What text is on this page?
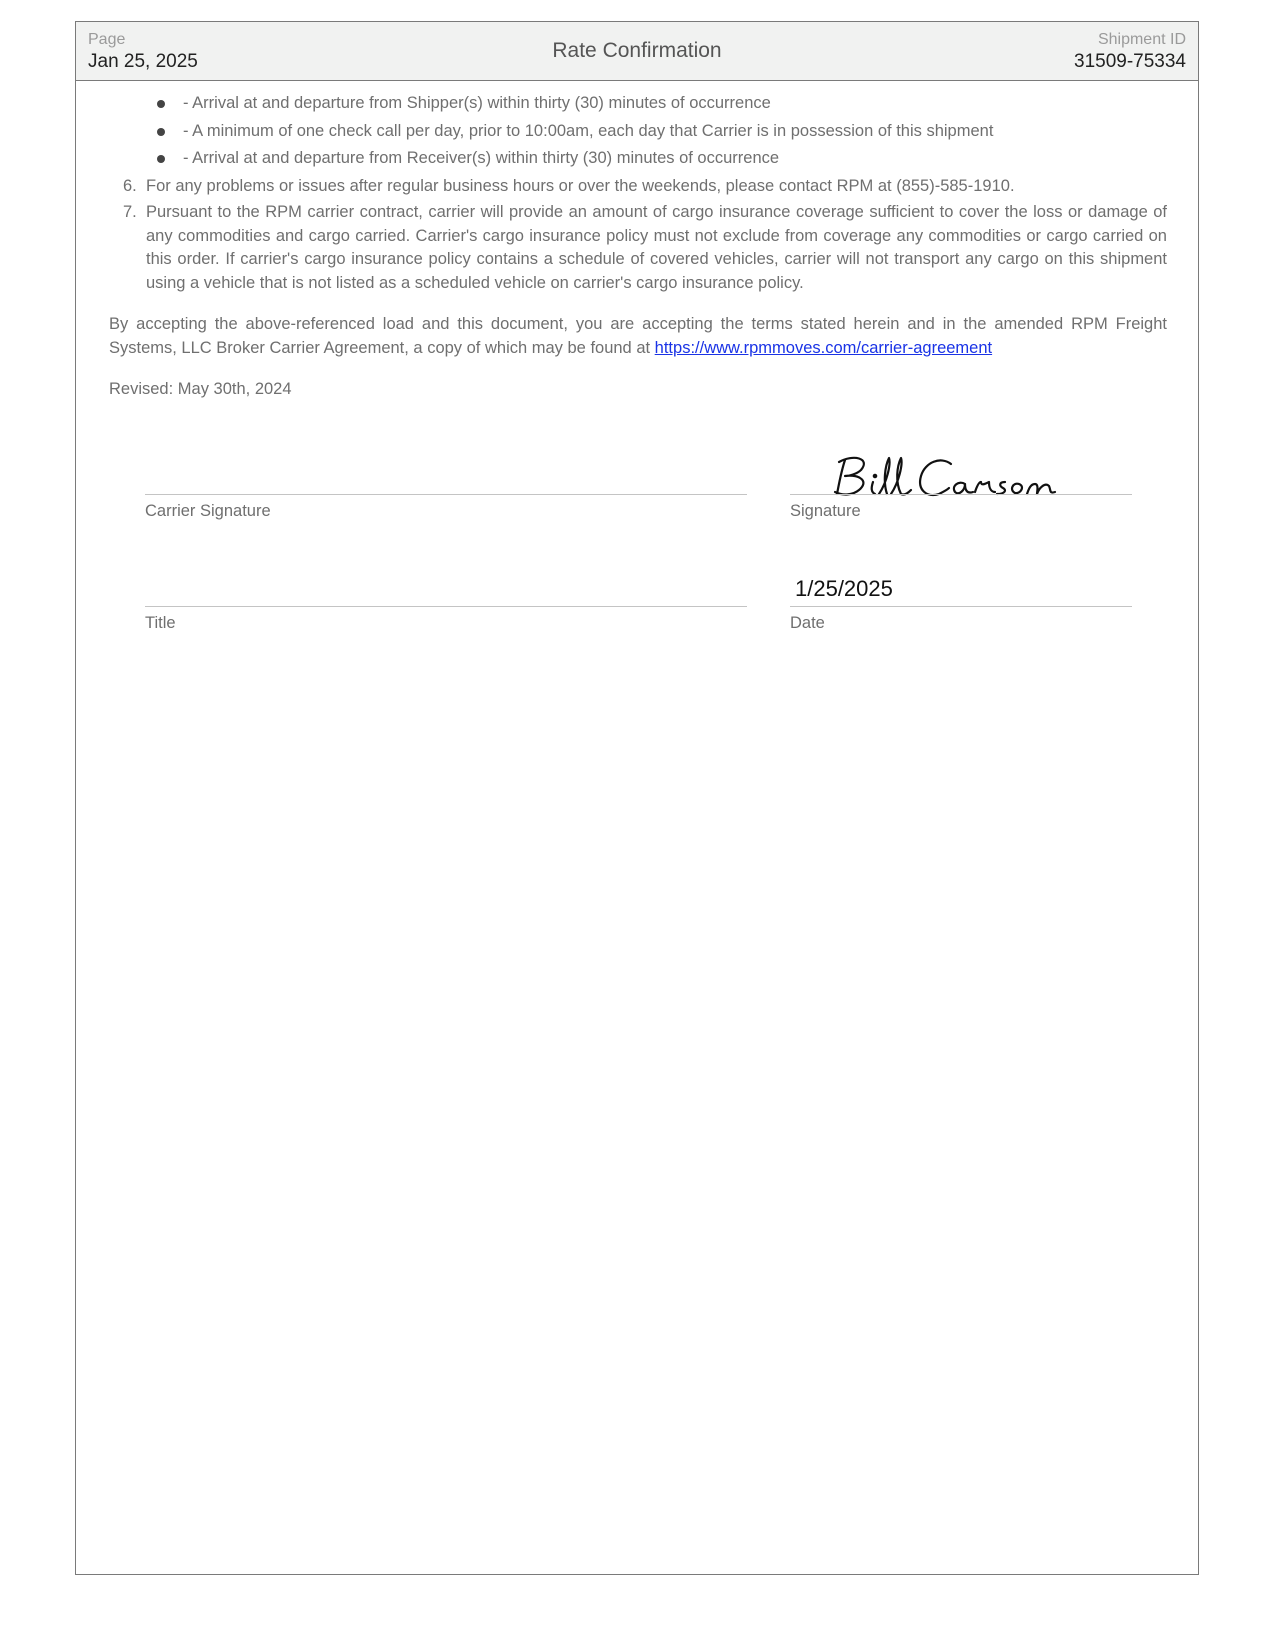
Page
Jan 25, 2025	Rate Confirmation	Shipment ID
31509-75334
- Arrival at and departure from Shipper(s) within thirty (30) minutes of occurrence
- A minimum of one check call per day, prior to 10:00am, each day that Carrier is in possession of this shipment
- Arrival at and departure from Receiver(s) within thirty (30) minutes of occurrence
6. For any problems or issues after regular business hours or over the weekends, please contact RPM at (855)-585-1910.
7. Pursuant to the RPM carrier contract, carrier will provide an amount of cargo insurance coverage sufficient to cover the loss or damage of any commodities and cargo carried. Carrier's cargo insurance policy must not exclude from coverage any commodities or cargo carried on this order. If carrier's cargo insurance policy contains a schedule of covered vehicles, carrier will not transport any cargo on this shipment using a vehicle that is not listed as a scheduled vehicle on carrier's cargo insurance policy.
By accepting the above-referenced load and this document, you are accepting the terms stated herein and in the amended RPM Freight Systems, LLC Broker Carrier Agreement, a copy of which may be found at https://www.rpmmoves.com/carrier-agreement
Revised: May 30th, 2024
Carrier Signature	Signature
1/25/2025
Title	Date
